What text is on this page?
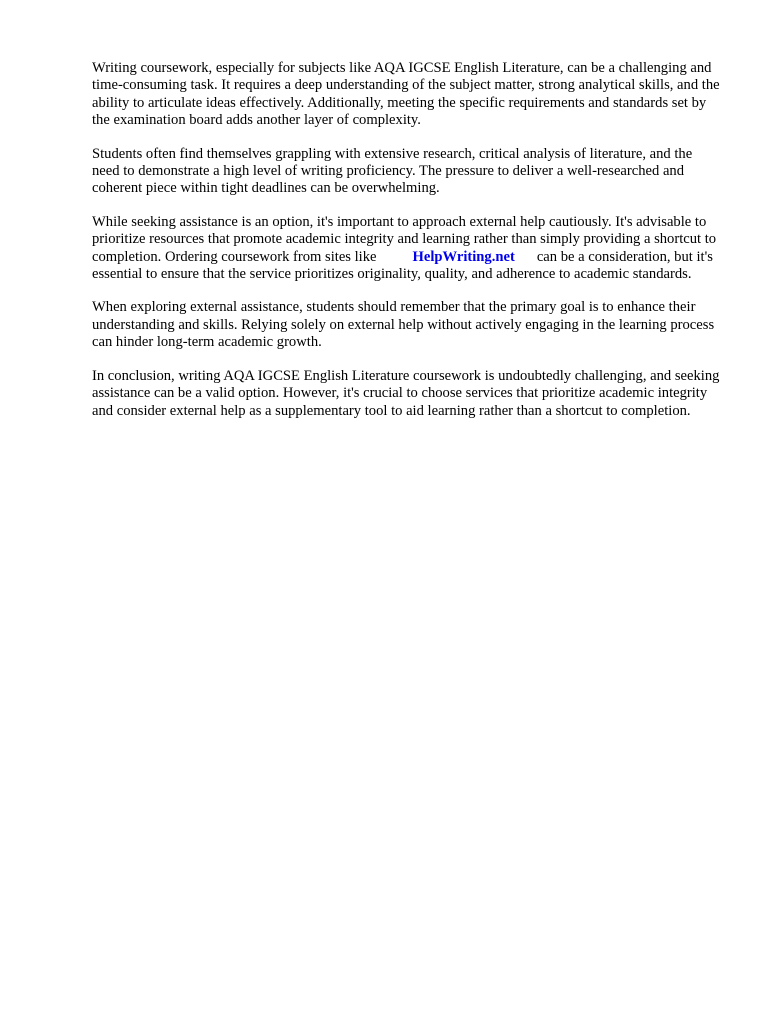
Writing coursework, especially for subjects like AQA IGCSE English Literature, can be a challenging and time-consuming task. It requires a deep understanding of the subject matter, strong analytical skills, and the ability to articulate ideas effectively. Additionally, meeting the specific requirements and standards set by the examination board adds another layer of complexity.

Students often find themselves grappling with extensive research, critical analysis of literature, and the need to demonstrate a high level of writing proficiency. The pressure to deliver a well-researched and coherent piece within tight deadlines can be overwhelming.

While seeking assistance is an option, it's important to approach external help cautiously. It's advisable to prioritize resources that promote academic integrity and learning rather than simply providing a shortcut to completion. Ordering coursework from sites like HelpWriting.net can be a consideration, but it's essential to ensure that the service prioritizes originality, quality, and adherence to academic standards.

When exploring external assistance, students should remember that the primary goal is to enhance their understanding and skills. Relying solely on external help without actively engaging in the learning process can hinder long-term academic growth.

In conclusion, writing AQA IGCSE English Literature coursework is undoubtedly challenging, and seeking assistance can be a valid option. However, it's crucial to choose services that prioritize academic integrity and consider external help as a supplementary tool to aid learning rather than a shortcut to completion.
